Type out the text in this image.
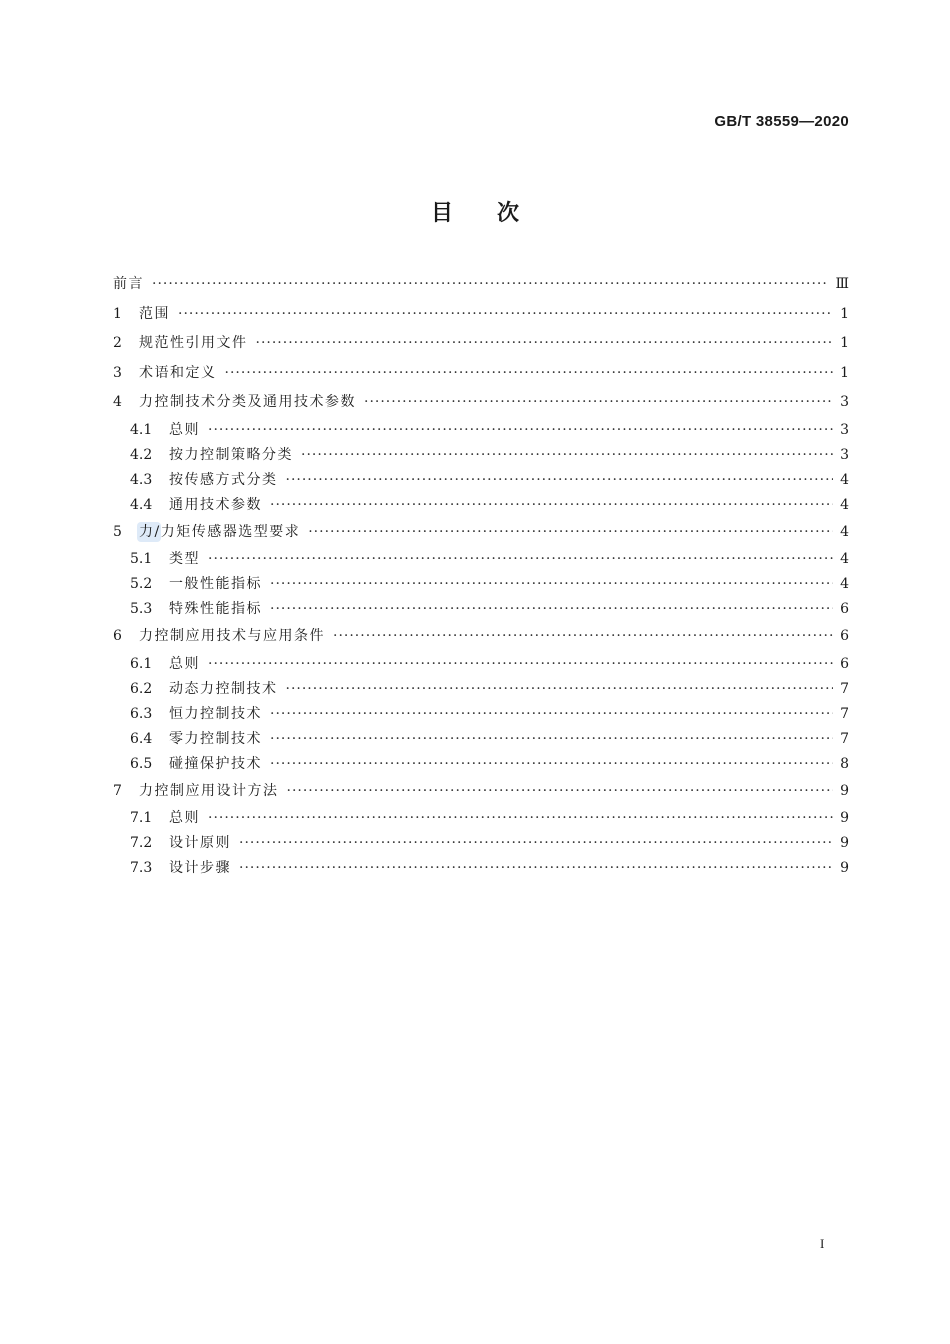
GB/T 38559—2020
目次
前言 ·····	Ⅲ
1	范围 ·····	1
2	规范性引用文件 ·····	1
3	术语和定义 ·····	1
4	力控制技术分类及通用技术参数 ·····	3
4.1	总则 ·····	3
4.2	按力控制策略分类 ·····	3
4.3	按传感方式分类 ·····	4
4.4	通用技术参数 ·····	4
5	力/力矩传感器选型要求 ·····	4
5.1	类型 ·····	4
5.2	一般性能指标 ·····	4
5.3	特殊性能指标 ·····	6
6	力控制应用技术与应用条件 ·····	6
6.1	总则 ·····	6
6.2	动态力控制技术 ·····	7
6.3	恒力控制技术 ·····	7
6.4	零力控制技术 ·····	7
6.5	碰撞保护技术 ·····	8
7	力控制应用设计方法 ·····	9
7.1	总则 ·····	9
7.2	设计原则 ·····	9
7.3	设计步骤 ·····	9
I
